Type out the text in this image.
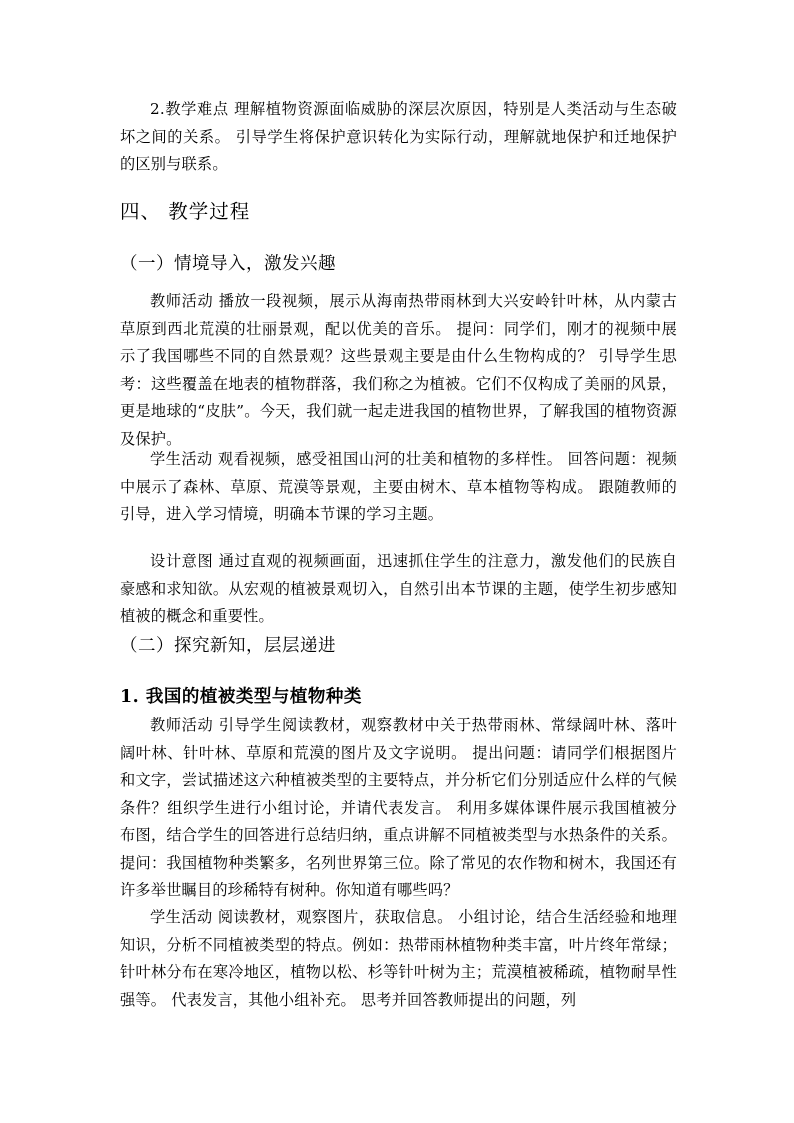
2.教学难点 理解植物资源面临威胁的深层次原因，特别是人类活动与生态破坏之间的关系。 引导学生将保护意识转化为实际行动，理解就地保护和迁地保护的区别与联系。

四、 教学过程
（一）情境导入，激发兴趣

教师活动 播放一段视频，展示从海南热带雨林到大兴安岭针叶林，从内蒙古草原到西北荒漠的壮丽景观，配以优美的音乐。 提问：同学们，刚才的视频中展示了我国哪些不同的自然景观？这些景观主要是由什么生物构成的？ 引导学生思考：这些覆盖在地表的植物群落，我们称之为植被。它们不仅构成了美丽的风景，更是地球的“皮肤”。今天，我们就一起走进我国的植物世界，了解我国的植物资源及保护。

学生活动 观看视频，感受祖国山河的壮美和植物的多样性。 回答问题：视频中展示了森林、草原、荒漠等景观，主要由树木、草本植物等构成。 跟随教师的引导，进入学习情境，明确本节课的学习主题。

设计意图 通过直观的视频画面，迅速抓住学生的注意力，激发他们的民族自豪感和求知欲。从宏观的植被景观切入，自然引出本节课的主题，使学生初步感知植被的概念和重要性。

（二）探究新知，层层递进
1. 我国的植被类型与植物种类

教师活动 引导学生阅读教材，观察教材中关于热带雨林、常绿阔叶林、落叶阔叶林、针叶林、草原和荒漠的图片及文字说明。 提出问题：请同学们根据图片和文字，尝试描述这六种植被类型的主要特点，并分析它们分别适应什么样的气候条件？组织学生进行小组讨论，并请代表发言。 利用多媒体课件展示我国植被分布图，结合学生的回答进行总结归纳，重点讲解不同植被类型与水热条件的关系。 提问：我国植物种类繁多，名列世界第三位。除了常见的农作物和树木，我国还有许多举世瞩目的珍稀特有树种。你知道有哪些吗？

学生活动 阅读教材，观察图片，获取信息。 小组讨论，结合生活经验和地理知识，分析不同植被类型的特点。例如：热带雨林植物种类丰富，叶片终年常绿；针叶林分布在寒冷地区，植物以松、杉等针叶树为主；荒漠植被稀疏，植物耐旱性强等。 代表发言，其他小组补充。 思考并回答教师提出的问题，列
